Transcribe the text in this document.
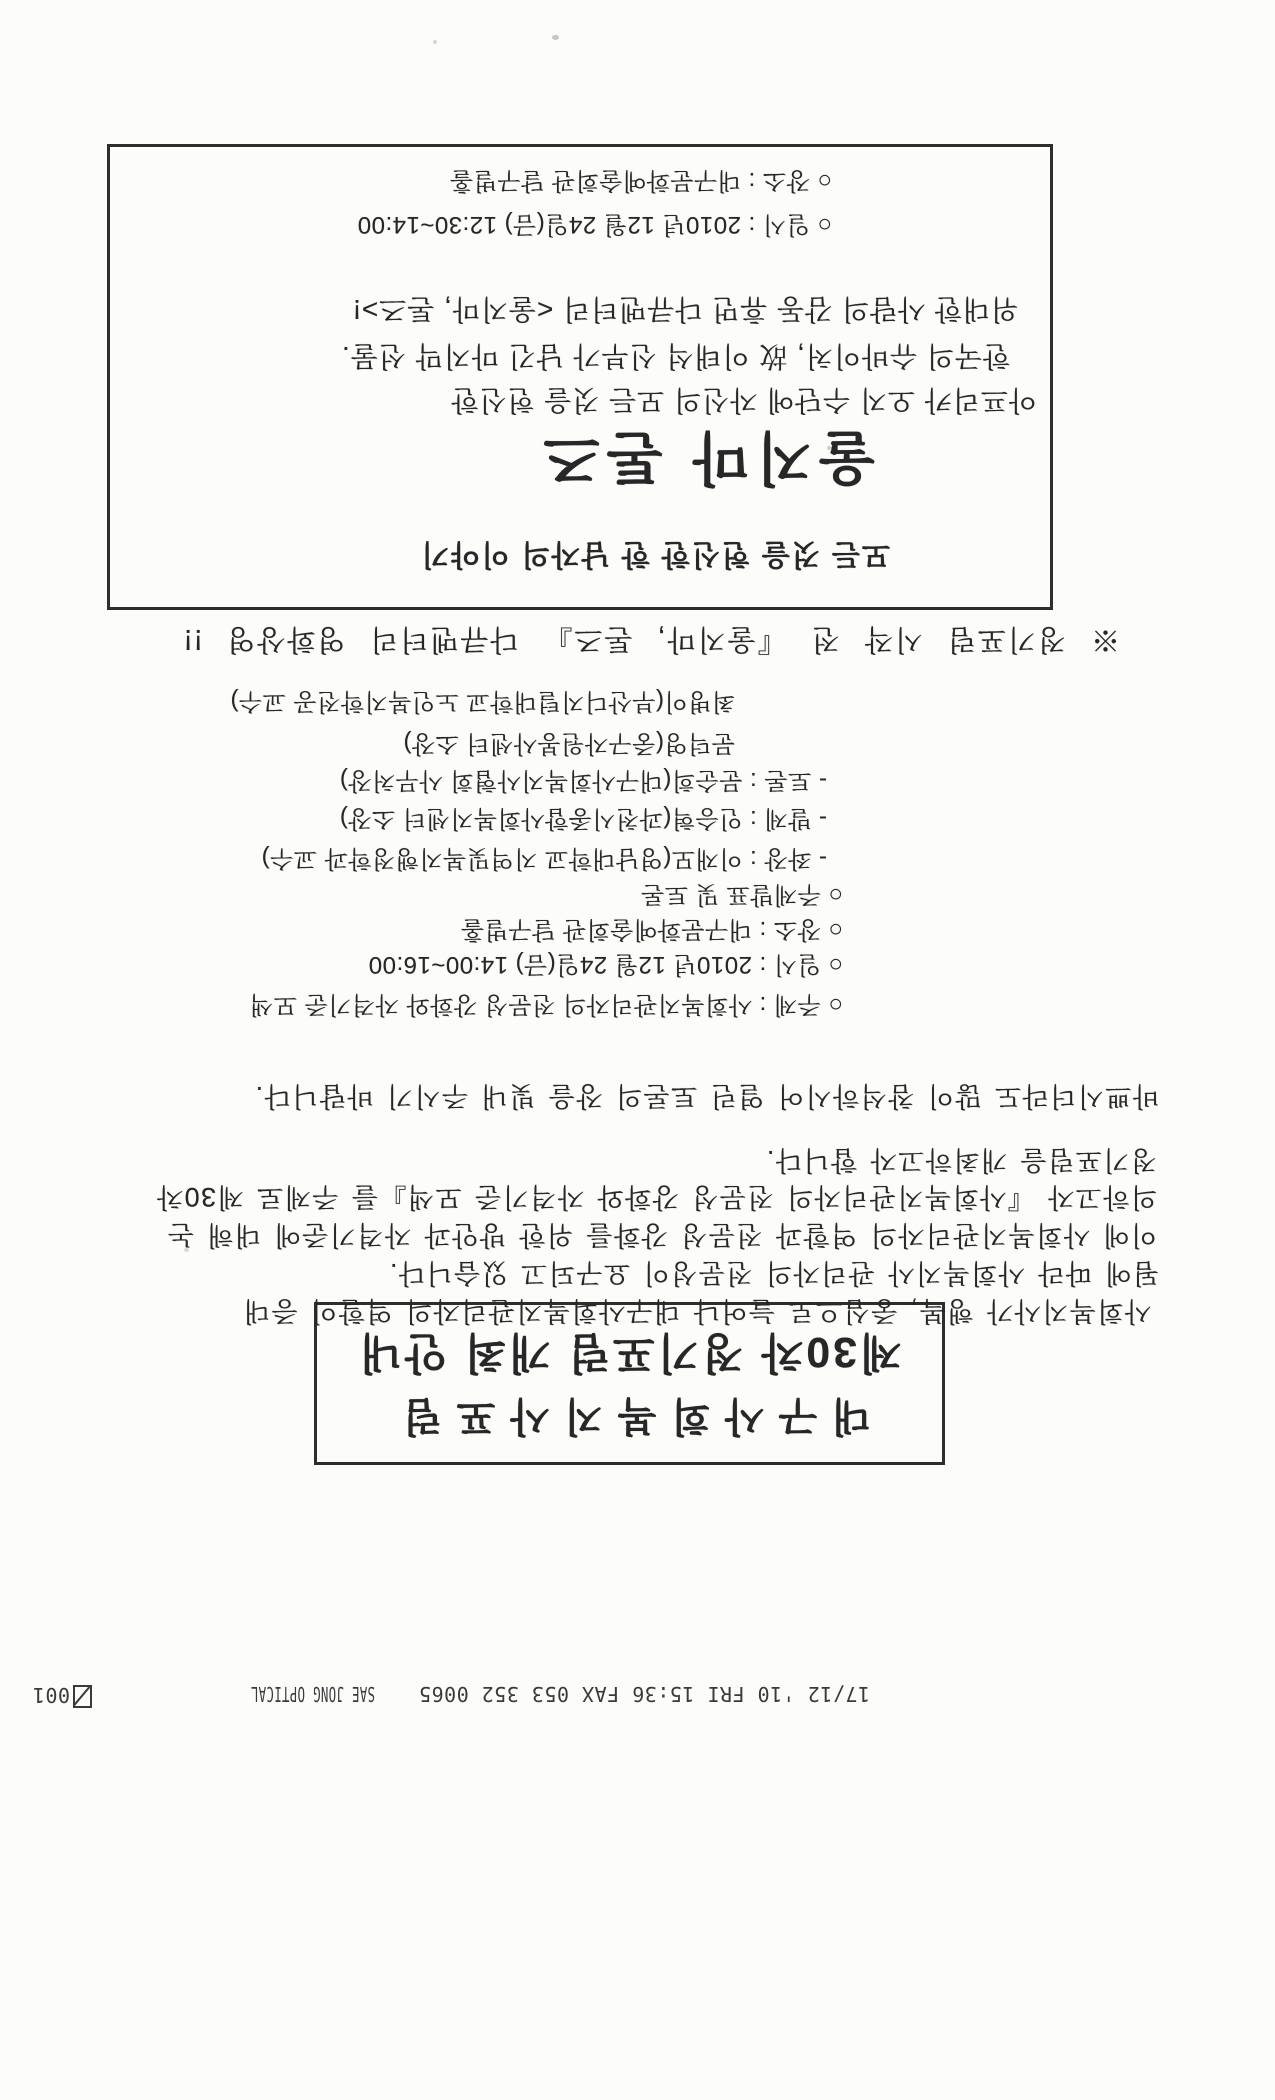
17/12 '10 FRI 15:36 FAX 053 352 0065
SAE JONG OPTICAL
001
대구사회복지사포럼
제30차 정기포럼 개최 안내
사회복지사가 행복, 중심으로 늘어나 대구사회복지관리자의 역할이 증대
됨에 따라 사회복지사 관리자의 전문성이 요구되고 있습니다.
이에 사회복지관리자의 역할과 전문성 강화를 위한 방안과 자격기준에 대해 논
의하고자 『사회복지관리자의 전문성 강화와 자격기준 모색』를 주제로 제30차
정기포럼을 개최하고자 합니다.
바쁘시더라도 많이 참석하시어 열린 토론의 장을 빛내 주시기 바랍니다.
○ 주제 : 사회복지관리자의 전문성 강화와 자격기준 모색
○ 일시 : 2010년 12월 24일(금) 14:00~16:00
○ 장소 : 대구문화예술회관 달구벌홀
○ 주제발표 및 토론
- 좌장 : 이재모(영남대학교 지역및복지행정학과 교수)
- 발제 : 인승혁(과천시종합사회복지센터 소장)
- 토론 : 문순희(대구사회복지사협회 사무처장)
문덕영(중구자원봉사센터 소장)
최병이(부산디지털대학교 노인복지학전공 교수)
※ 정기포럼 시작 전 『울지마, 톤즈』 다큐멘터리 영화상영 !!
모든 것을 헌신한 한 남자의 이야기
울지마 톤즈
아프리카 오지 수단에 자신의 모든 것을 헌신한
한국의 슈바이처, 故 이태석 신부가 남긴 마지막 선물.
위대한 사람의 감동 휴먼 다큐멘터리 <울지마, 톤즈>!
○ 일시 : 2010년 12월 24일(금) 12:30~14:00
○ 장소 : 대구문화예술회관 달구벌홀
